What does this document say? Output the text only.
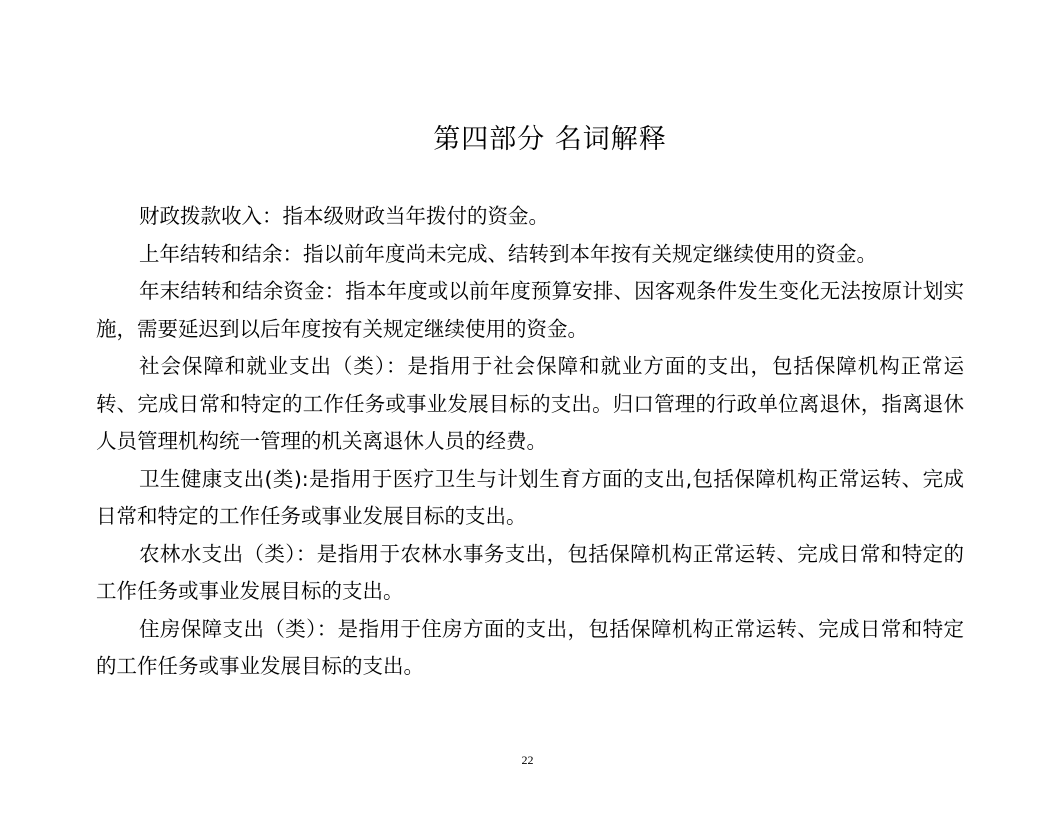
第四部分 名词解释

财政拨款收入：指本级财政当年拨付的资金。

上年结转和结余：指以前年度尚未完成、结转到本年按有关规定继续使用的资金。

年末结转和结余资金：指本年度或以前年度预算安排、因客观条件发生变化无法按原计划实施，需要延迟到以后年度按有关规定继续使用的资金。

社会保障和就业支出（类）：是指用于社会保障和就业方面的支出，包括保障机构正常运转、完成日常和特定的工作任务或事业发展目标的支出。归口管理的行政单位离退休，指离退休人员管理机构统一管理的机关离退休人员的经费。

卫生健康支出(类):是指用于医疗卫生与计划生育方面的支出,包括保障机构正常运转、完成日常和特定的工作任务或事业发展目标的支出。

农林水支出（类）：是指用于农林水事务支出，包括保障机构正常运转、完成日常和特定的工作任务或事业发展目标的支出。

住房保障支出（类）：是指用于住房方面的支出，包括保障机构正常运转、完成日常和特定的工作任务或事业发展目标的支出。

22
